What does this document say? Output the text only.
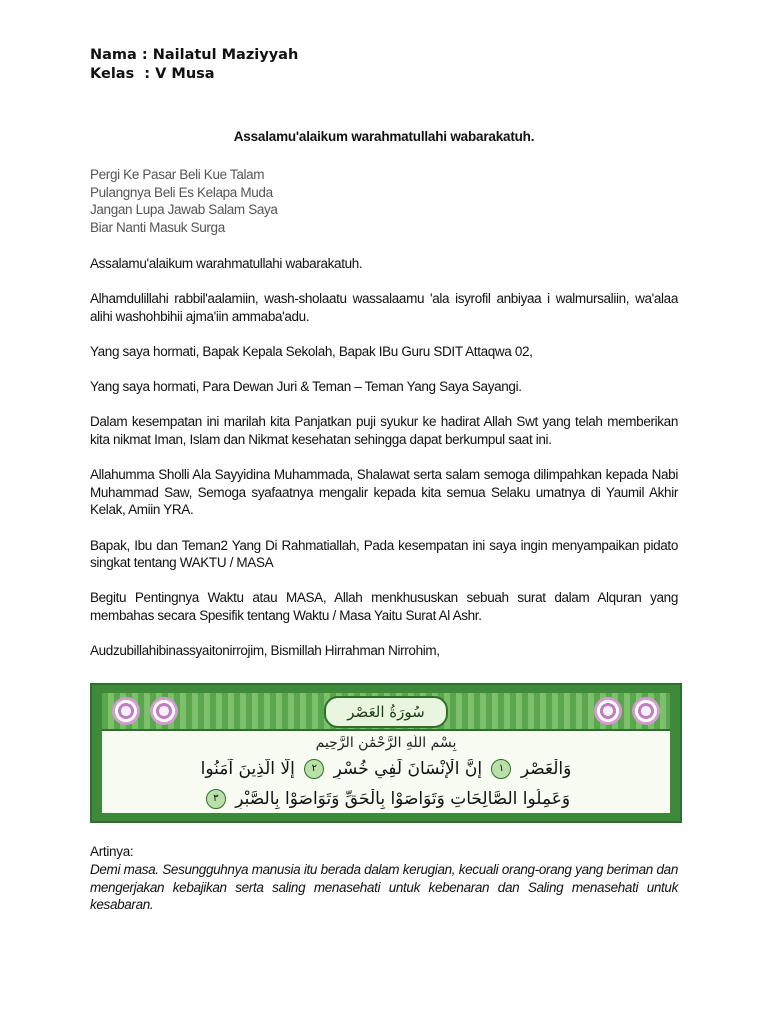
Nama : Nailatul Maziyyah
Kelas  : V Musa
Assalamu'alaikum warahmatullahi wabarakatuh.
Pergi Ke Pasar Beli Kue Talam
Pulangnya Beli Es Kelapa Muda
Jangan Lupa Jawab Salam Saya
Biar Nanti Masuk Surga

Assalamu'alaikum warahmatullahi wabarakatuh.

Alhamdulillahi rabbil'aalamiin, wash-sholaatu wassalaamu 'ala isyrofil anbiyaa i walmursaliin, wa'alaa alihi washohbihii ajma'iin ammaba'adu.

Yang saya hormati, Bapak Kepala Sekolah, Bapak IBu Guru SDIT Attaqwa 02,

Yang saya hormati, Para Dewan Juri & Teman – Teman Yang Saya Sayangi.

Dalam kesempatan ini marilah kita Panjatkan puji syukur ke hadirat Allah Swt yang telah memberikan kita nikmat Iman, Islam dan Nikmat kesehatan sehingga dapat berkumpul saat ini.

Allahumma Sholli Ala Sayyidina Muhammada, Shalawat serta salam semoga dilimpahkan kepada Nabi Muhammad Saw, Semoga syafaatnya mengalir kepada kita semua Selaku umatnya di Yaumil Akhir Kelak, Amiin YRA.

Bapak, Ibu dan Teman2 Yang Di Rahmatiallah, Pada kesempatan ini saya ingin menyampaikan pidato singkat tentang WAKTU / MASA

Begitu Pentingnya Waktu atau MASA, Allah menkhususkan sebuah surat dalam Alquran yang membahas secara Spesifik tentang Waktu / Masa Yaitu Surat Al Ashr.

Audzubillahibinassyaitonirrojim, Bismillah Hirrahman Nirrohim,

سُورَةُ العَصْر
بِسْمِ اللَّهِ الرَّحْمَٰنِ الرَّحِيمِ
وَالْعَصْرِ ١ إِنَّ الْإِنْسَانَ لَفِي خُسْرٍ ٢ إِلَّا الَّذِينَ آمَنُوا
وَعَمِلُوا الصَّالِحَاتِ وَتَوَاصَوْا بِالْحَقِّ وَتَوَاصَوْا بِالصَّبْرِ ٣
Artinya:
Demi masa. Sesungguhnya manusia itu berada dalam kerugian, kecuali orang-orang yang beriman dan mengerjakan kebajikan serta saling menasehati untuk kebenaran dan Saling menasehati untuk kesabaran.
